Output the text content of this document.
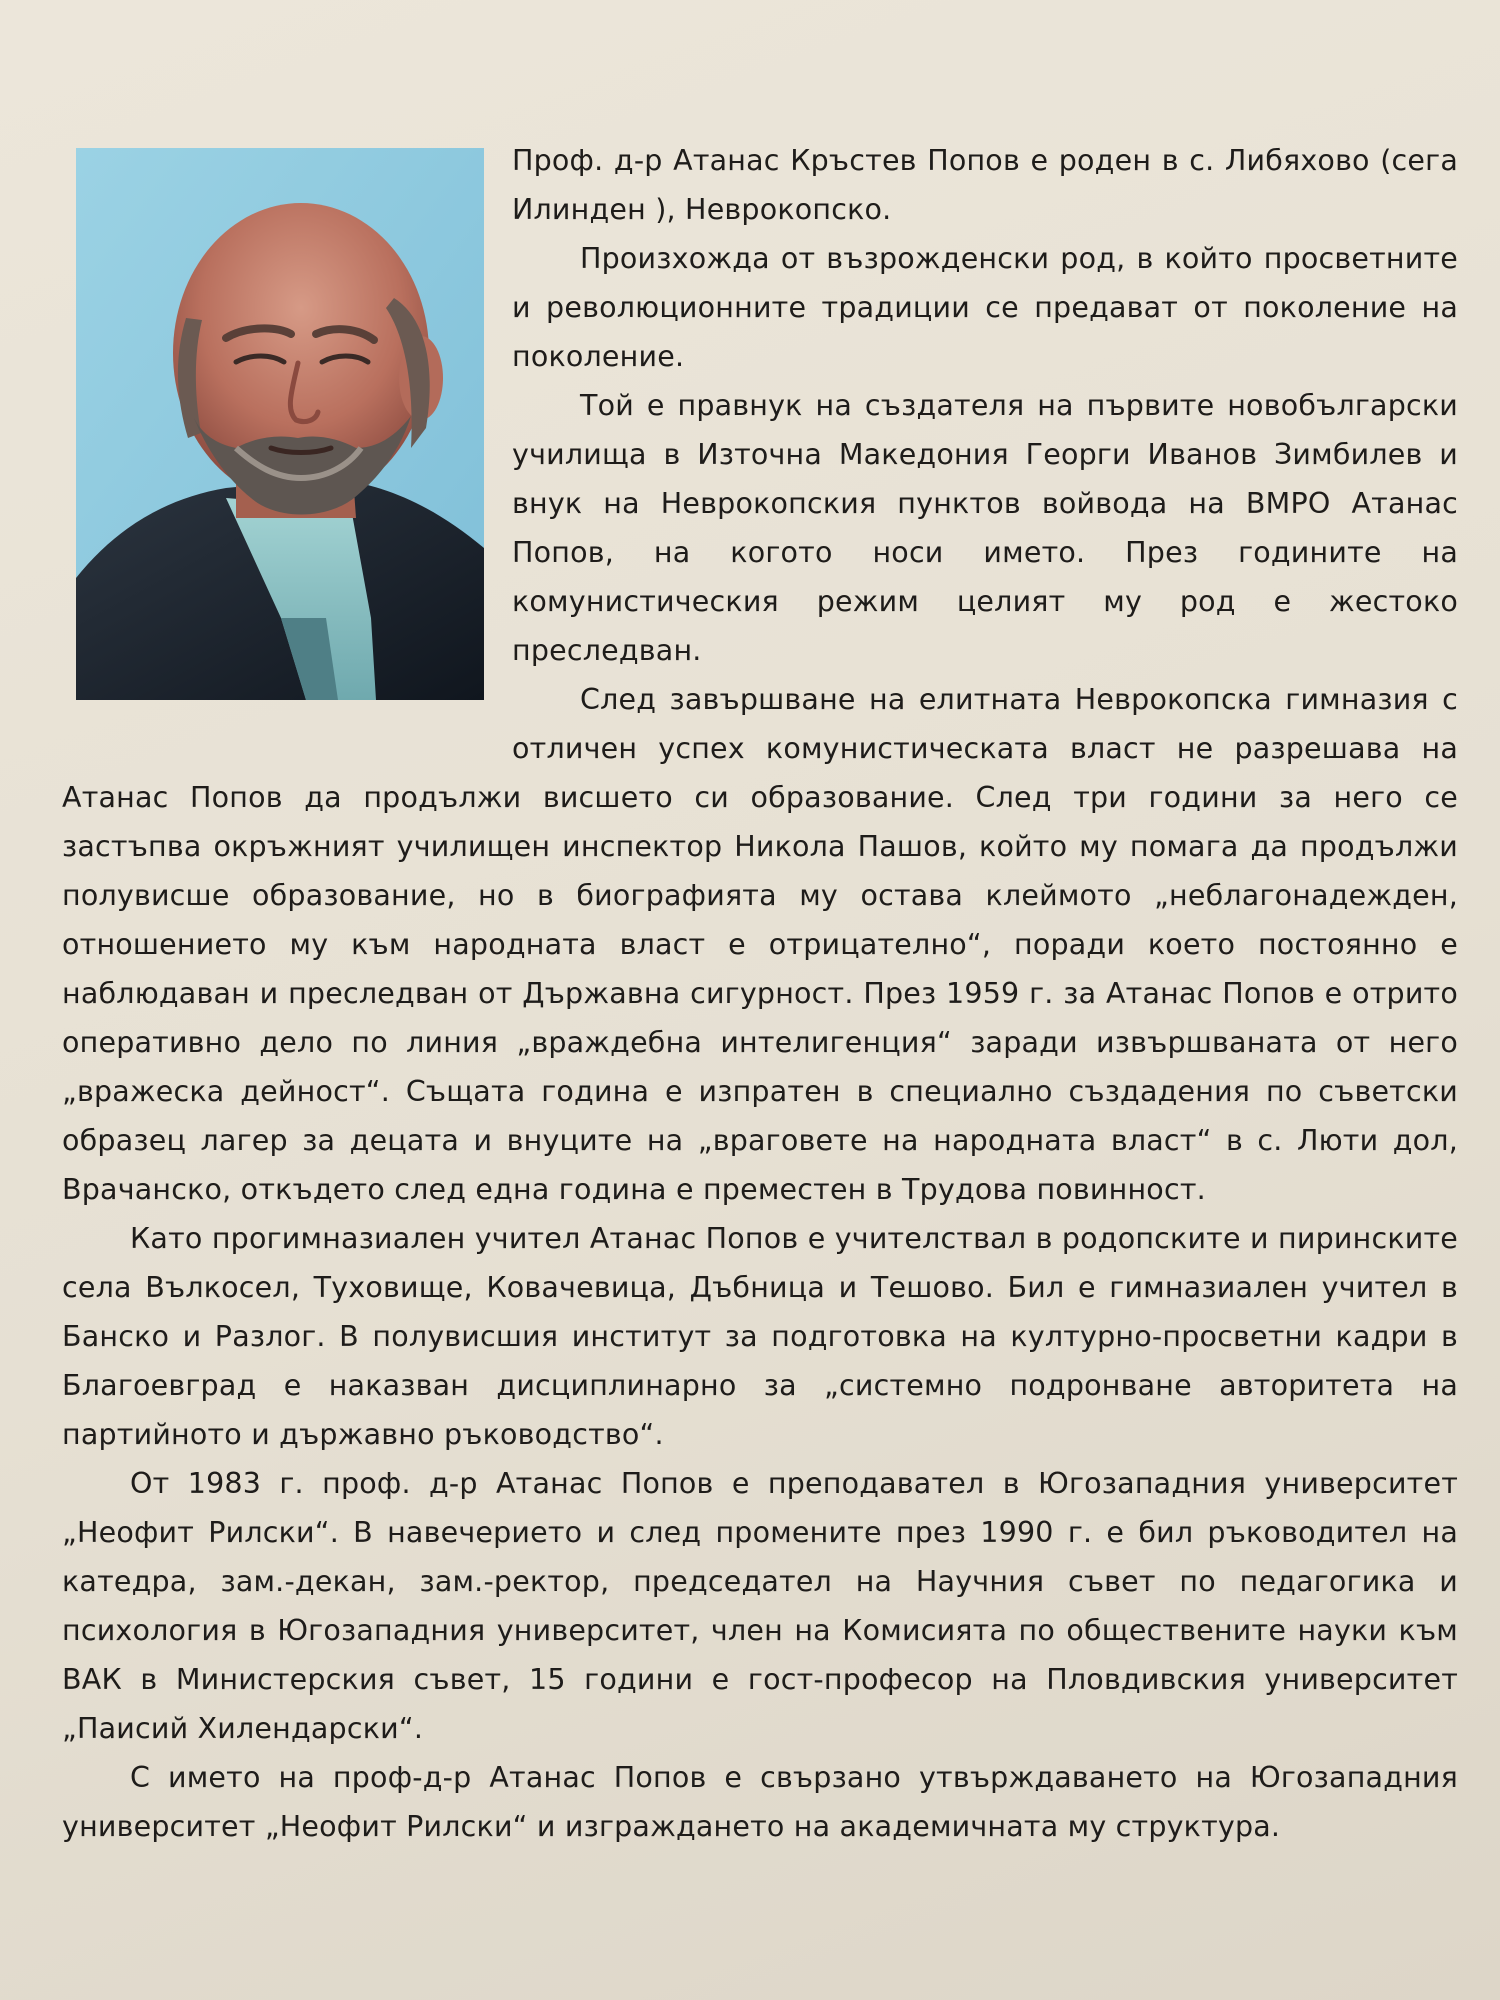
Проф. д-р Атанас Кръстев Попов е роден в с. Либяхово (сега Илинден ), Неврокопско.

Произхожда от възрожденски род, в който просветните и революционните традиции се предават от поколение на поколение.

Той е правнук на създателя на първите новобългарски училища в Източна Македония Георги Иванов Зимбилев и внук на Неврокопския пунктов войвода на ВМРО Атанас Попов, на когото носи името. През годините на комунистическия режим целият му род е жестоко преследван.

След завършване на елитната Неврокопска гимназия с отличен успех комунистическата власт не разрешава на Атанас Попов да продължи висшето си образование. След три години за него се застъпва окръжният училищен инспектор Никола Пашов, който му помага да продължи полувисше образование, но в биографията му остава клеймото „неблагонадежден, отношението му към народната власт е отрицателно“, поради което постоянно е наблюдаван и преследван от Държавна сигурност. През 1959 г. за Атанас Попов е отрито оперативно дело по линия „враждебна интелигенция“ заради извършваната от него „вражеска дейност“. Същата година е изпратен в специално създадения по съветски образец лагер за децата и внуците на „враговете на народната власт“ в с. Люти дол, Врачанско, откъдето след една година е преместен в Трудова повинност.

Като прогимназиален учител Атанас Попов е учителствал в родопските и пиринските села Вълкосел, Туховище, Ковачевица, Дъбница и Тешово. Бил е гимназиален учител в Банско и Разлог. В полувисшия институт за подготовка на културно-просветни кадри в Благоевград е наказван дисциплинарно за „системно подронване авторитета на партийното и държавно ръководство“.

От 1983 г. проф. д-р Атанас Попов е преподавател в Югозападния университет „Неофит Рилски“. В навечерието и след промените през 1990 г. е бил ръководител на катедра, зам.-декан, зам.-ректор, председател на Научния съвет по педагогика и психология в Югозападния университет, член на Комисията по обществените науки към ВАК в Министерския съвет, 15 години е гост-професор на Пловдивския университет „Паисий Хилендарски“.

С името на проф-д-р Атанас Попов е свързано утвърждаването на Югозападния университет „Неофит Рилски“ и изграждането на академичната му структура.
